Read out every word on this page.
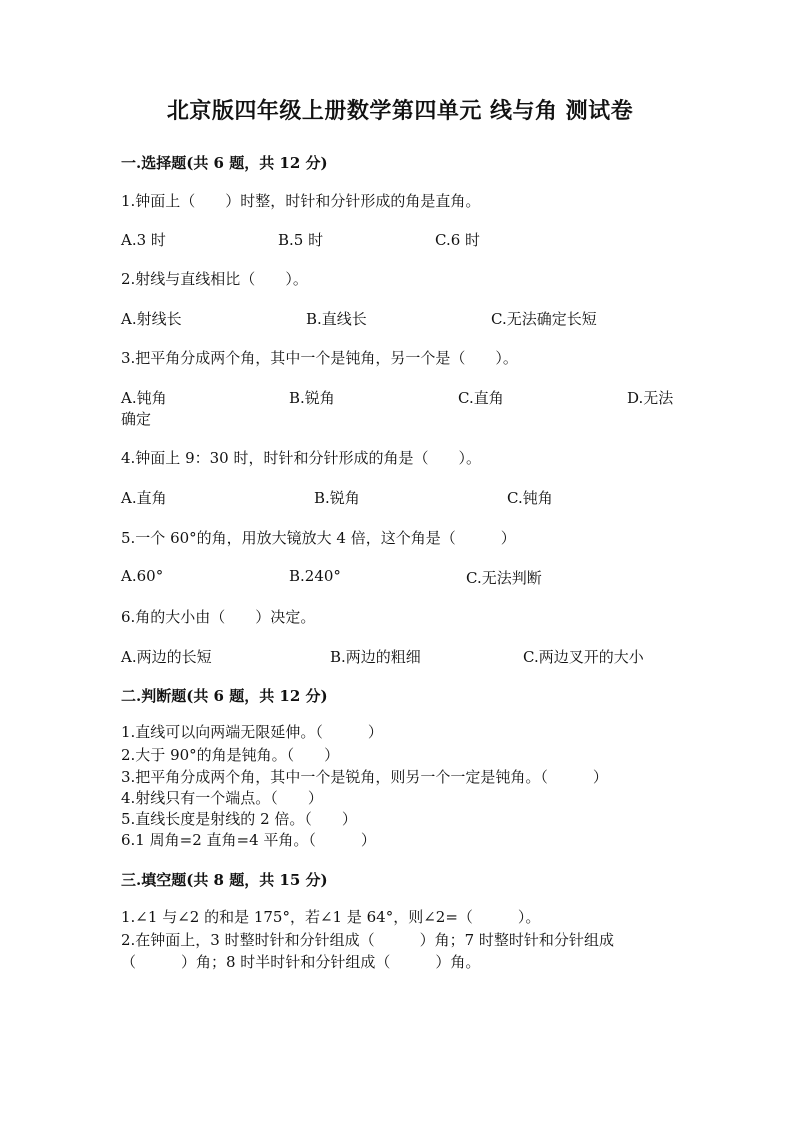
北京版四年级上册数学第四单元 线与角 测试卷
一.选择题(共 6 题，共 12 分)
1.钟面上（　　）时整，时针和分针形成的角是直角。
A.3 时	B.5 时	C.6 时
2.射线与直线相比（　　）。
A.射线长	B.直线长	C.无法确定长短
3.把平角分成两个角，其中一个是钝角，另一个是（　　）。
A.钝角	B.锐角	C.直角	D.无法
确定
4.钟面上 9：30 时，时针和分针形成的角是（　　）。
A.直角	B.锐角	C.钝角
5.一个 60°的角，用放大镜放大 4 倍，这个角是（　　　）
A.60°	B.240°	C.无法判断
6.角的大小由（　　）决定。
A.两边的长短	B.两边的粗细	C.两边叉开的大小
二.判断题(共 6 题，共 12 分)
1.直线可以向两端无限延伸。（　　　）
2.大于 90°的角是钝角。（　　）
3.把平角分成两个角，其中一个是锐角，则另一个一定是钝角。（　　　）
4.射线只有一个端点。（　　）
5.直线长度是射线的 2 倍。（　　）
6.1 周角=2 直角=4 平角。（　　　）
三.填空题(共 8 题，共 15 分)
1.∠1 与∠2 的和是 175°，若∠1 是 64°，则∠2=（　　　）。
2.在钟面上，3 时整时针和分针组成（　　　）角；7 时整时针和分针组成
（　　　）角；8 时半时针和分针组成（　　　）角。
